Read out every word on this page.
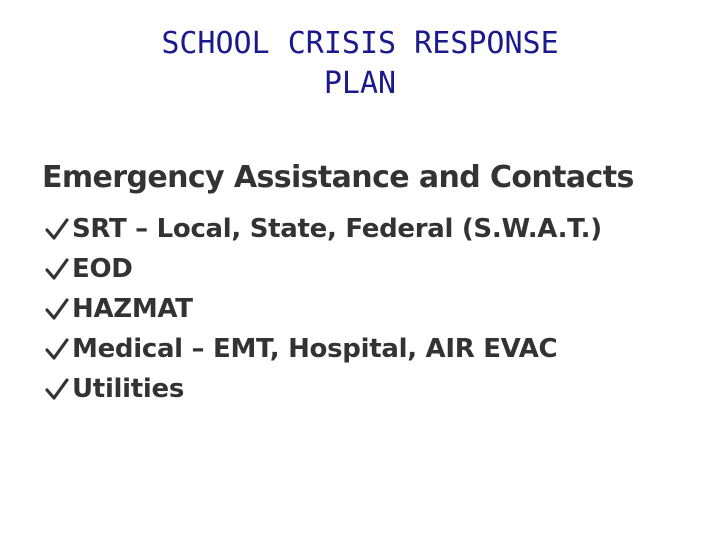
SCHOOL CRISIS RESPONSE
PLAN
Emergency Assistance and Contacts
SRT – Local, State, Federal (S.W.A.T.)
EOD
HAZMAT
Medical – EMT, Hospital, AIR EVAC
Utilities
